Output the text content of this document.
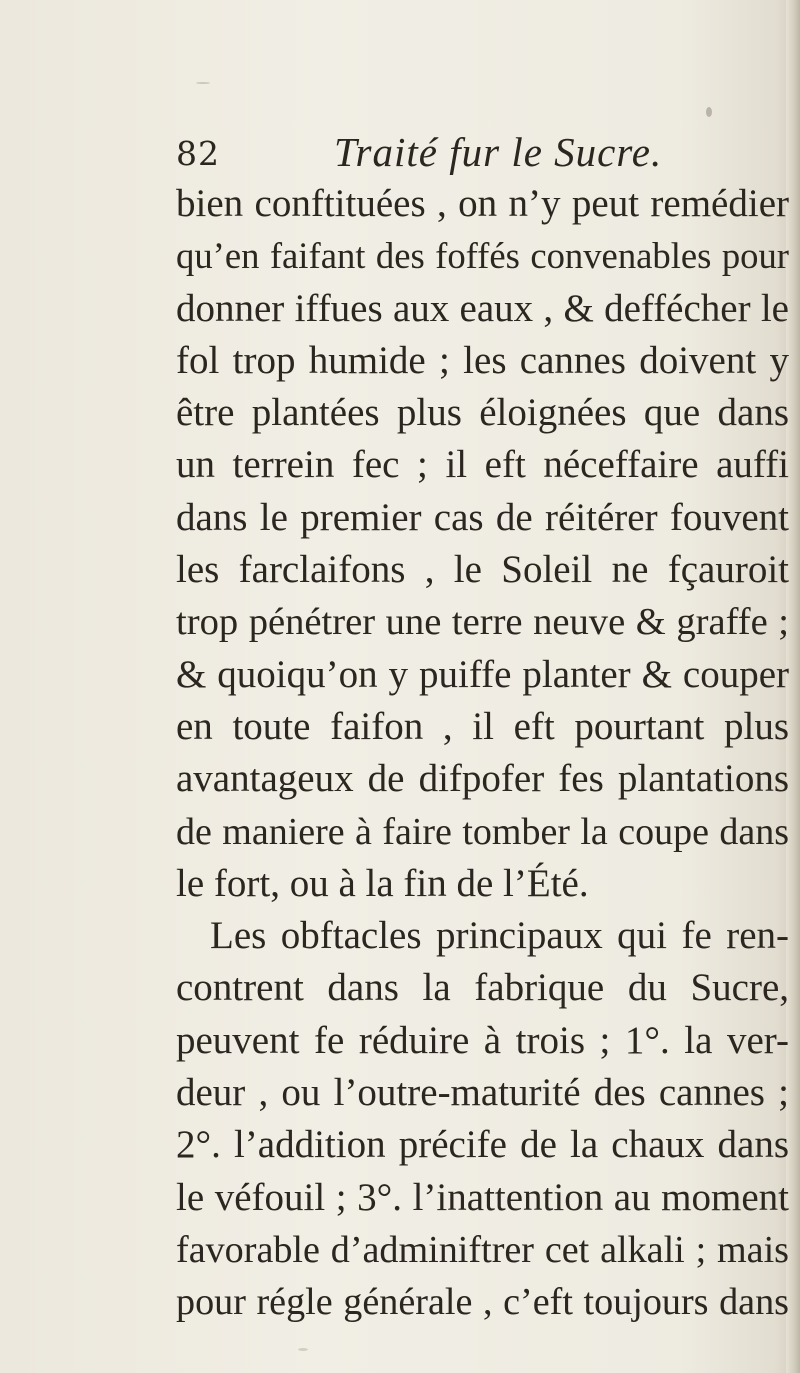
82	Traité fur le Sucre.
bien conftituées , on n’y peut remédier
qu’en faifant des foffés convenables pour
donner iffues aux eaux , & deffécher le
fol trop humide ; les cannes doivent y
être plantées plus éloignées que dans
un terrein fec ; il eft néceffaire auffi
dans le premier cas de réitérer fouvent
les farclaifons , le Soleil ne fçauroit
trop pénétrer une terre neuve & graffe ;
& quoiqu’on y puiffe planter & couper
en toute faifon , il eft pourtant plus
avantageux de difpofer fes plantations
de maniere à faire tomber la coupe dans
le fort, ou à la fin de l’Été.
Les obftacles principaux qui fe ren-
contrent dans la fabrique du Sucre,
peuvent fe réduire à trois ; 1°. la ver-
deur , ou l’outre-maturité des cannes ;
2°. l’addition précife de la chaux dans
le véfouil ; 3°. l’inattention au moment
favorable d’adminiftrer cet alkali ; mais
pour régle générale , c’eft toujours dans
